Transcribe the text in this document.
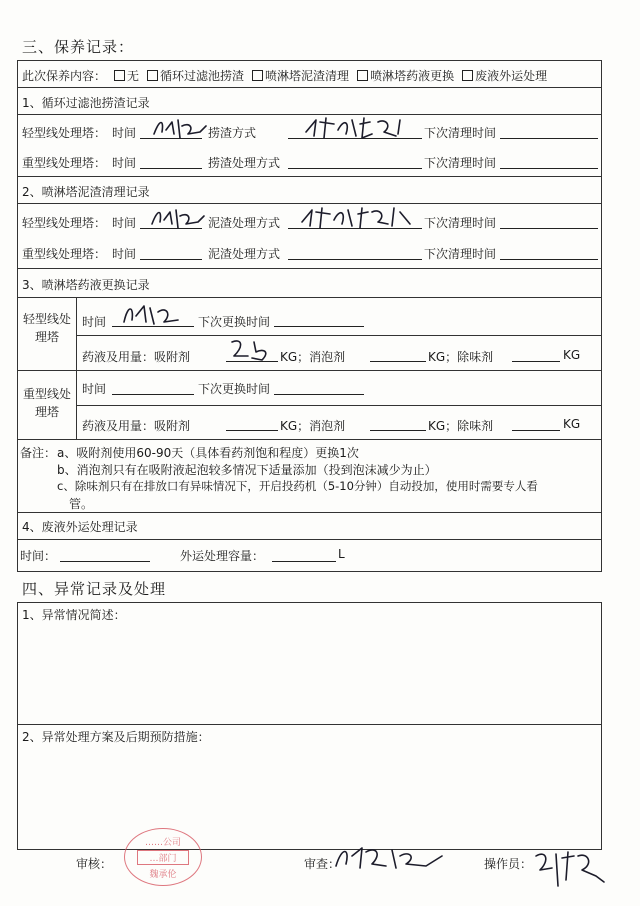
三、保养记录：
此次保养内容： 无 循环过滤池捞渣 喷淋塔泥渣清理 喷淋塔药液更换 废液外运处理
1、循环过滤池捞渣记录
轻型线处理塔： 时间	捞渣方式	下次清理时间
重型线处理塔： 时间	捞渣处理方式	下次清理时间
2、喷淋塔泥渣清理记录
轻型线处理塔： 时间	泥渣处理方式	下次清理时间
重型线处理塔： 时间	泥渣处理方式	下次清理时间
3、喷淋塔药液更换记录
轻型线处理塔
时间	下次更换时间
药液及用量：吸附剂	KG；消泡剂	KG；除味剂	KG
重型线处理塔
时间	下次更换时间
药液及用量：吸附剂	KG；消泡剂	KG；除味剂	KG
备注： a、吸附剂使用60-90天（具体看药剂饱和程度）更换1次
b、消泡剂只有在吸附液起泡较多情况下适量添加（投到泡沫减少为止）
c、除味剂只有在排放口有异味情况下，开启投药机（5-10分钟）自动投加，使用时需要专人看
管。
4、废液外运处理记录
时间：	外运处理容量：	L
四、异常记录及处理
1、异常情况简述：
2、异常处理方案及后期预防措施：
审核：	审查：	操作员：
……公司
…部门
魏承伦
